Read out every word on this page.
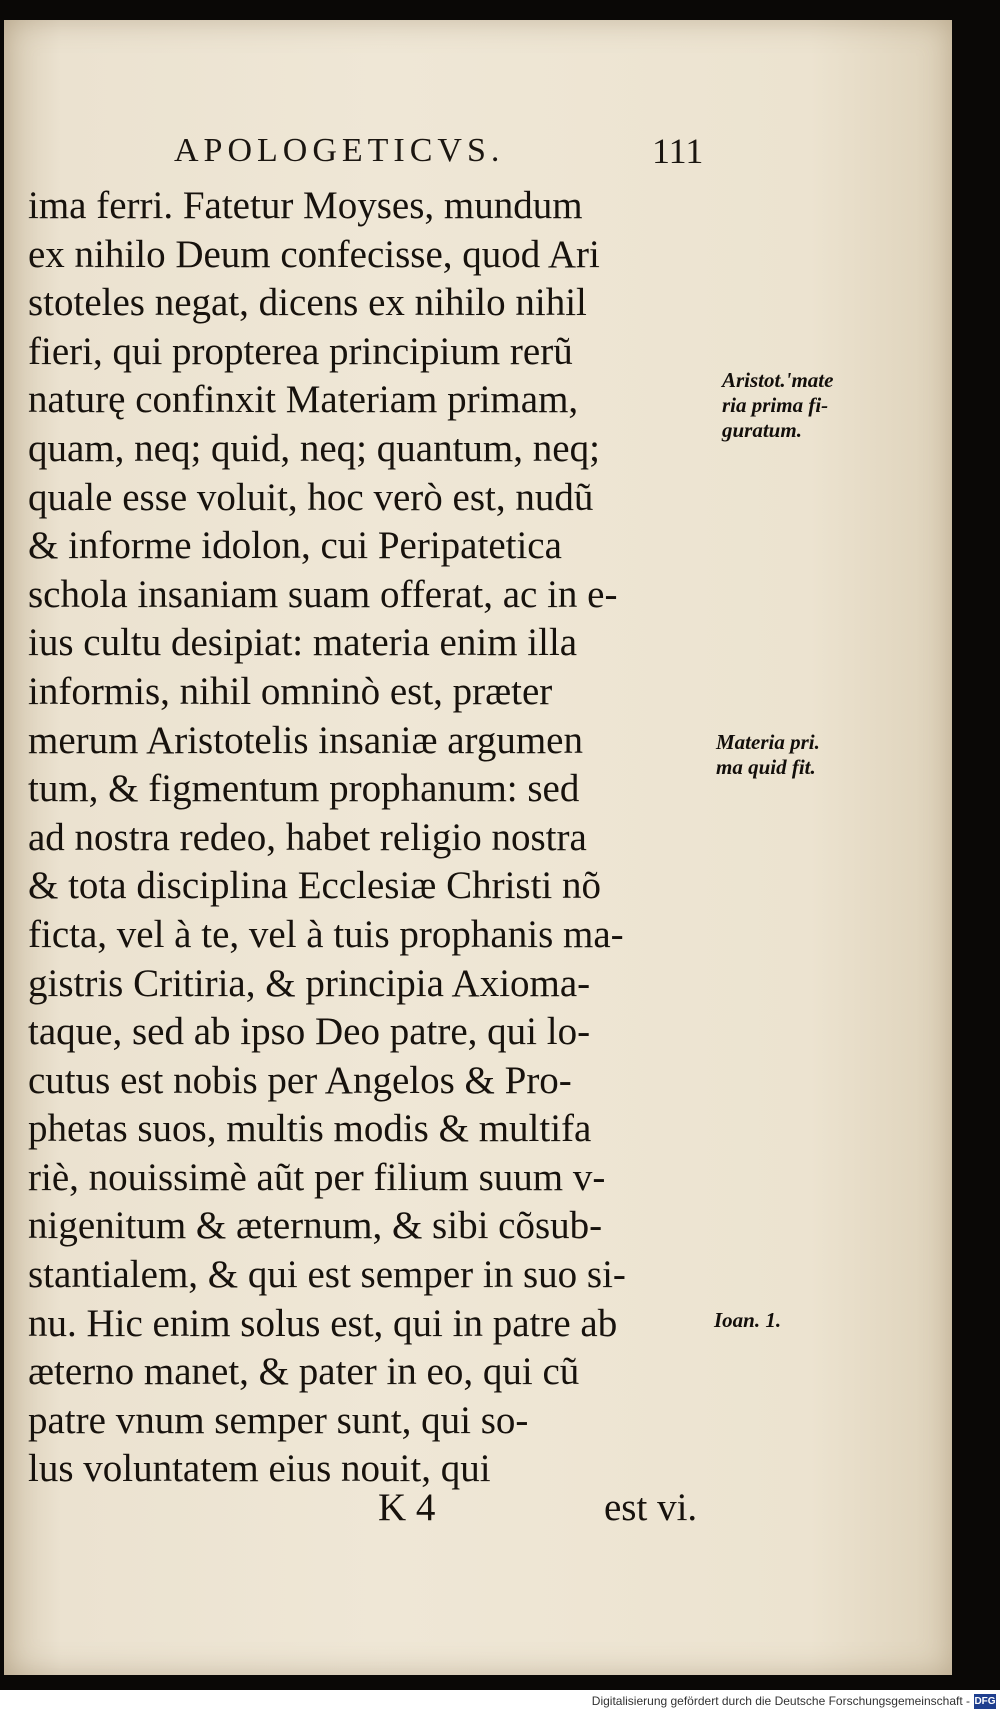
APOLOGETICVS.	111
ima ferri. Fatetur Moyses, mundum
ex nihilo Deum confecisse, quod Ari
stoteles negat, dicens ex nihilo nihil
fieri, qui propterea principium rerũ
naturę confinxit Materiam primam,
quam, neq; quid, neq; quantum, neq;
quale esse voluit, hoc verò est, nudũ
& informe idolon, cui Peripatetica
schola insaniam suam offerat, ac in e-
ius cultu desipiat: materia enim illa
informis, nihil omninò est, præter
merum Aristotelis insaniæ argumen
tum, & figmentum prophanum: sed
ad nostra redeo, habet religio nostra
& tota disciplina Ecclesiæ Christi nõ
ficta, vel à te, vel à tuis prophanis ma-
gistris Critiria, & principia Axioma-
taque, sed ab ipso Deo patre, qui lo-
cutus est nobis per Angelos & Pro-
phetas suos, multis modis & multifa
riè, nouissimè aũt per filium suum v-
nigenitum & æternum, & sibi cõsub-
stantialem, & qui est semper in suo si-
nu. Hic enim solus est, qui in patre ab
æterno manet, & pater in eo, qui cũ
patre vnum semper sunt, qui so-
lus voluntatem eius nouit, qui
K 4	est vi.
Aristot.'mate
ria prima fi-
guratum.
Materia pri.
ma quid fit.
Ioan. 1.
Digitalisierung gefördert durch die Deutsche Forschungsgemeinschaft - DFG
